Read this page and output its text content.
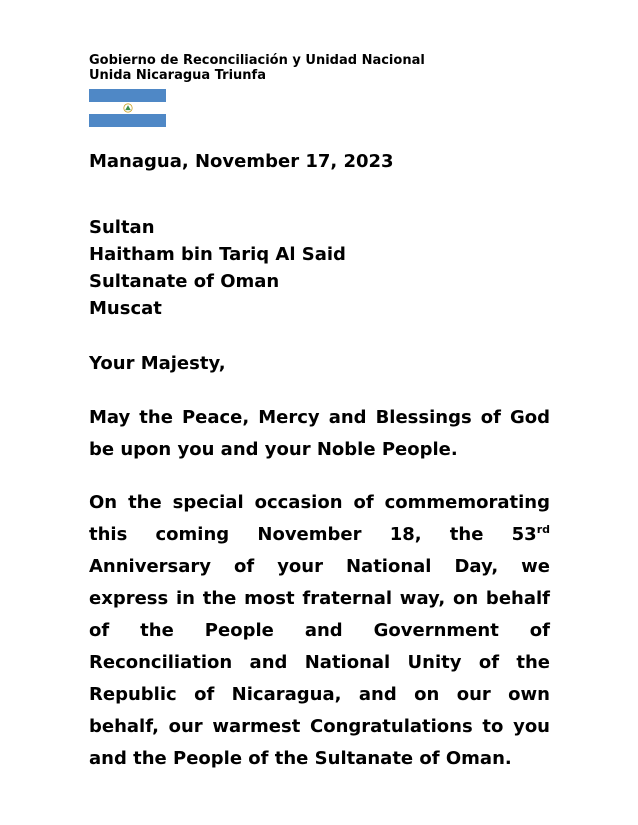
Gobierno de Reconciliación y Unidad Nacional
Unida Nicaragua Triunfa
Managua, November 17, 2023
Sultan
Haitham bin Tariq Al Said
Sultanate of Oman
Muscat
Your Majesty,

May the Peace, Mercy and Blessings of God be upon you and your Noble People.

On the special occasion of commemorating this coming November 18, the 53rd Anniversary of your National Day, we express in the most fraternal way, on behalf of the People and Government of Reconciliation and National Unity of the Republic of Nicaragua, and on our own behalf, our warmest Congratulations to you and the People of the Sultanate of Oman.
